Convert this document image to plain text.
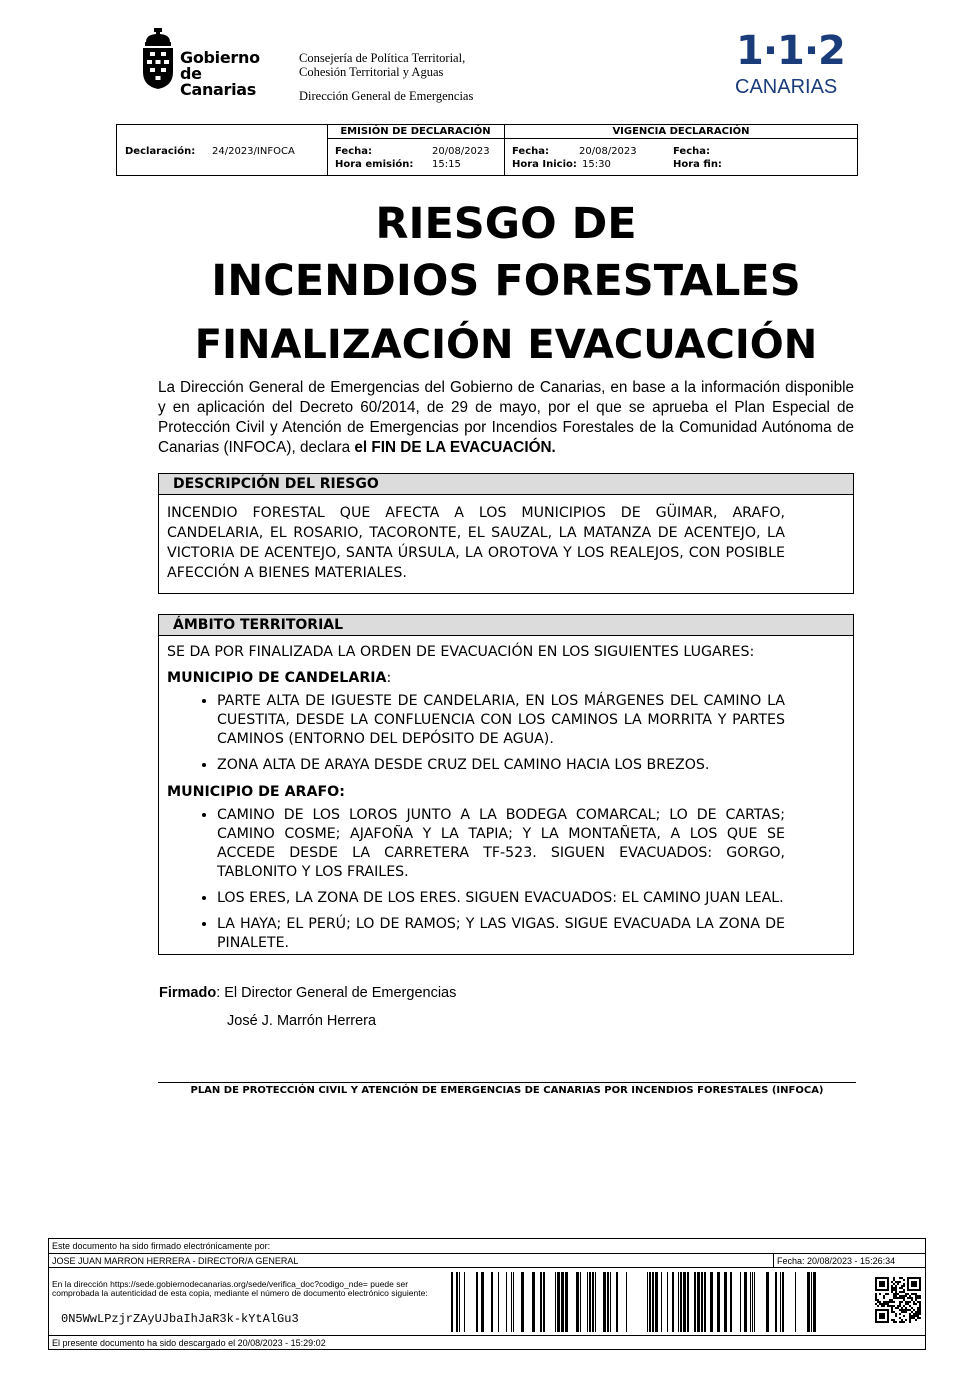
Gobierno
de Canarias
Consejería de Política Territorial,
Cohesión Territorial y Aguas
Dirección General de Emergencias
1·1·2
CANARIAS
Declaración: 24/2023/INFOCA
EMISIÓN DE DECLARACIÓN
Fecha:	20/08/2023
Hora emisión: 15:15
VIGENCIA DECLARACIÓN
Fecha:	20/08/2023
Hora Inicio: 15:30
Fecha:
Hora fin:
RIESGO DE
INCENDIOS FORESTALES
FINALIZACIÓN EVACUACIÓN
La Dirección General de Emergencias del Gobierno de Canarias, en base a la información disponible y en aplicación del Decreto 60/2014, de 29 de mayo, por el que se aprueba el Plan Especial de Protección Civil y Atención de Emergencias por Incendios Forestales de la Comunidad Autónoma de Canarias (INFOCA), declara el FIN DE LA EVACUACIÓN.
DESCRIPCIÓN DEL RIESGO
INCENDIO FORESTAL QUE AFECTA A LOS MUNICIPIOS DE GÜIMAR, ARAFO, CANDELARIA, EL ROSARIO, TACORONTE, EL SAUZAL, LA MATANZA DE ACENTEJO, LA VICTORIA DE ACENTEJO, SANTA ÚRSULA, LA OROTOVA Y LOS REALEJOS, CON POSIBLE AFECCIÓN A BIENES MATERIALES.
ÁMBITO TERRITORIAL
SE DA POR FINALIZADA LA ORDEN DE EVACUACIÓN EN LOS SIGUIENTES LUGARES:
MUNICIPIO DE CANDELARIA:
• PARTE ALTA DE IGUESTE DE CANDELARIA, EN LOS MÁRGENES DEL CAMINO LA CUESTITA, DESDE LA CONFLUENCIA CON LOS CAMINOS LA MORRITA Y PARTES CAMINOS (ENTORNO DEL DEPÓSITO DE AGUA).
• ZONA ALTA DE ARAYA DESDE CRUZ DEL CAMINO HACIA LOS BREZOS.
MUNICIPIO DE ARAFO:
• CAMINO DE LOS LOROS JUNTO A LA BODEGA COMARCAL; LO DE CARTAS; CAMINO COSME; AJAFOÑA Y LA TAPIA; Y LA MONTAÑETA, A LOS QUE SE ACCEDE DESDE LA CARRETERA TF-523. SIGUEN EVACUADOS: GORGO, TABLONITO Y LOS FRAILES.
• LOS ERES, LA ZONA DE LOS ERES. SIGUEN EVACUADOS: EL CAMINO JUAN LEAL.
• LA HAYA; EL PERÚ; LO DE RAMOS; Y LAS VIGAS. SIGUE EVACUADA LA ZONA DE PINALETE.
Firmado: El Director General de Emergencias
José J. Marrón Herrera
PLAN DE PROTECCIÓN CIVIL Y ATENCIÓN DE EMERGENCIAS DE CANARIAS POR INCENDIOS FORESTALES (INFOCA)
Este documento ha sido firmado electrónicamente por:
JOSE JUAN MARRON HERRERA - DIRECTOR/A GENERAL	Fecha: 20/08/2023 - 15:26:34
En la dirección https://sede.gobiernodecanarias.org/sede/verifica_doc?codigo_nde= puede ser comprobada la autenticidad de esta copia, mediante el número de documento electrónico siguiente:
0N5WwLPzjrZAyUJbaIhJaR3k-kYtAlGu3
El presente documento ha sido descargado el 20/08/2023 - 15:29:02
